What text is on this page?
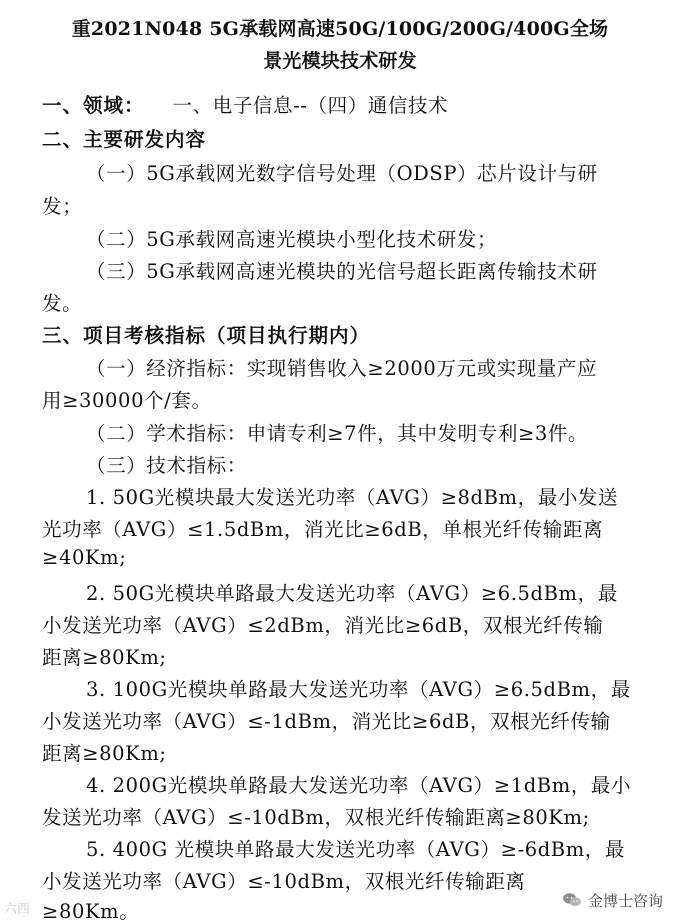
重2021N048 5G承载网高速50G/100G/200G/400G全场
景光模块技术研发
一、领域： 一、电子信息--（四）通信技术
二、主要研发内容
（一）5G承载网光数字信号处理（ODSP）芯片设计与研
发；
（二）5G承载网高速光模块小型化技术研发；
（三）5G承载网高速光模块的光信号超长距离传输技术研
发。
三、项目考核指标（项目执行期内）
（一）经济指标：实现销售收入≥2000万元或实现量产应
用≥30000个/套。
（二）学术指标：申请专利≥7件，其中发明专利≥3件。
（三）技术指标：
1. 50G光模块最大发送光功率（AVG）≥8dBm，最小发送
光功率（AVG）≤1.5dBm，消光比≥6dB，单根光纤传输距离
≥40Km;
2. 50G光模块单路最大发送光功率（AVG）≥6.5dBm，最
小发送光功率（AVG）≤2dBm，消光比≥6dB，双根光纤传输
距离≥80Km;
3. 100G光模块单路最大发送光功率（AVG）≥6.5dBm，最
小发送光功率（AVG）≤-1dBm，消光比≥6dB，双根光纤传输
距离≥80Km;
4. 200G光模块单路最大发送光功率（AVG）≥1dBm，最小
发送光功率（AVG）≤-10dBm，双根光纤传输距离≥80Km;
5. 400G 光模块单路最大发送光功率（AVG）≥-6dBm，最
小发送光功率（AVG）≤-10dBm，双根光纤传输距离
≥80Km。
六西	金博士咨询
